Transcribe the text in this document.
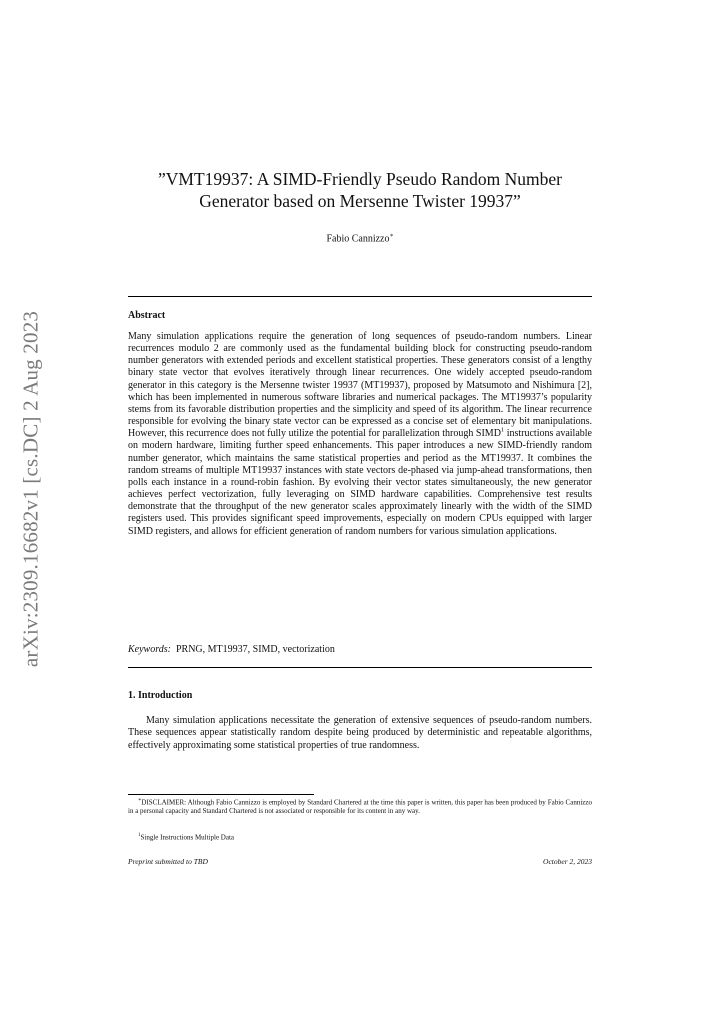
arXiv:2309.16682v1 [cs.DC] 2 Aug 2023
”VMT19937: A SIMD-Friendly Pseudo Random Number
Generator based on Mersenne Twister 19937”
Fabio Cannizzo∗
Abstract
Many simulation applications require the generation of long sequences of pseudo-random numbers. Linear recurrences modulo 2 are commonly used as the fundamental building block for constructing pseudo-random number generators with extended periods and excellent statistical properties. These generators consist of a lengthy binary state vector that evolves iteratively through linear recurrences. One widely accepted pseudo-random generator in this category is the Mersenne twister 19937 (MT19937), proposed by Matsumoto and Nishimura [2], which has been implemented in numerous software libraries and numerical packages. The MT19937’s popularity stems from its favorable distribution properties and the simplicity and speed of its algorithm. The linear recurrence responsible for evolving the binary state vector can be expressed as a concise set of elementary bit manipulations. However, this recurrence does not fully utilize the potential for parallelization through SIMD$^1$ instructions available on modern hardware, limiting further speed enhancements. This paper introduces a new SIMD-friendly random number generator, which maintains the same statistical properties and period as the MT19937. It combines the random streams of multiple MT19937 instances with state vectors de-phased via jump-ahead transformations, then polls each instance in a round-robin fashion. By evolving their vector states simultaneously, the new generator achieves perfect vectorization, fully leveraging on SIMD hardware capabilities. Comprehensive test results demonstrate that the throughput of the new generator scales approximately linearly with the width of the SIMD registers used. This provides significant speed improvements, especially on modern CPUs equipped with larger SIMD registers, and allows for efficient generation of random numbers for various simulation applications.
Keywords: PRNG, MT19937, SIMD, vectorization
1. Introduction
Many simulation applications necessitate the generation of extensive sequences of pseudo-random numbers. These sequences appear statistically random despite being produced by deterministic and repeatable algorithms, effectively approximating some statistical properties of true randomness.
∗DISCLAIMER: Although Fabio Cannizzo is employed by Standard Chartered at the time this paper is written, this paper has been produced by Fabio Cannizzo in a personal capacity and Standard Chartered is not associated or responsible for its content in any way.
$^1$Single Instructions Multiple Data
Preprint submitted to TBD	October 2, 2023
